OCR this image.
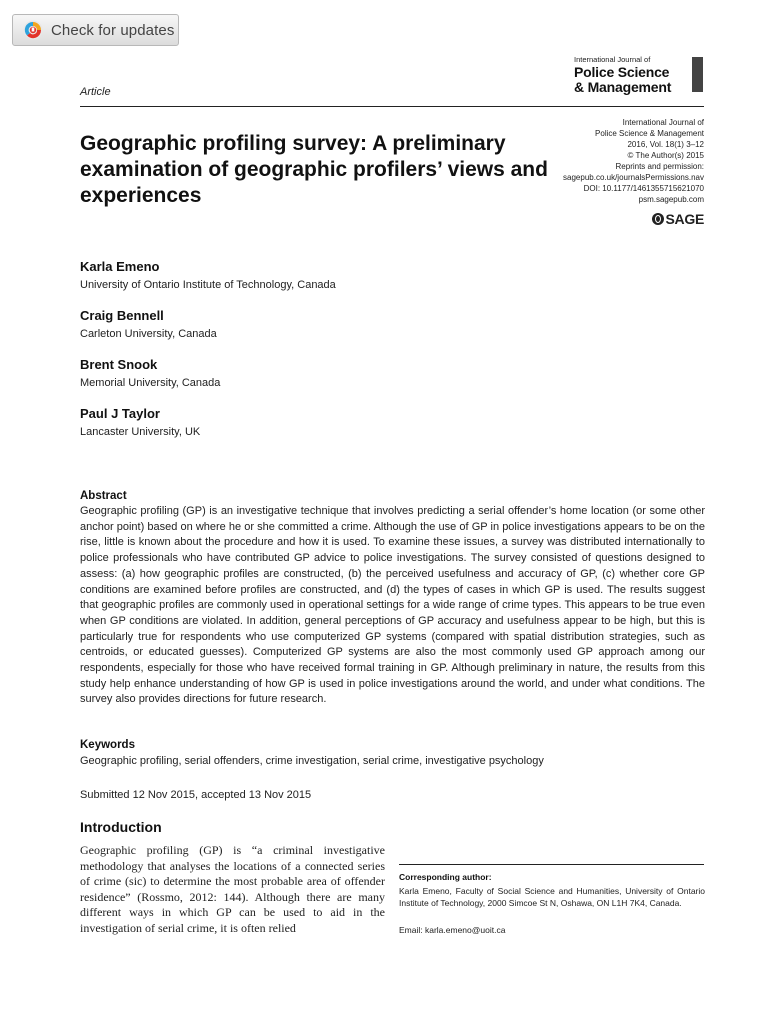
Check for updates
International Journal of
Police Science
& Management
Article
Geographic profiling survey: A preliminary examination of geographic profilers’ views and experiences
International Journal of
Police Science & Management
2016, Vol. 18(1) 3–12
© The Author(s) 2015
Reprints and permission:
sagepub.co.uk/journalsPermissions.nav
DOI: 10.1177/1461355715621070
psm.sagepub.com
SAGE
Karla Emeno
University of Ontario Institute of Technology, Canada
Craig Bennell
Carleton University, Canada
Brent Snook
Memorial University, Canada
Paul J Taylor
Lancaster University, UK
Abstract

Geographic profiling (GP) is an investigative technique that involves predicting a serial offender’s home location (or some other anchor point) based on where he or she committed a crime. Although the use of GP in police investigations appears to be on the rise, little is known about the procedure and how it is used. To examine these issues, a survey was distributed internationally to police professionals who have contributed GP advice to police investigations. The survey consisted of questions designed to assess: (a) how geographic profiles are constructed, (b) the perceived usefulness and accuracy of GP, (c) whether core GP conditions are examined before profiles are constructed, and (d) the types of cases in which GP is used. The results suggest that geographic profiles are commonly used in operational settings for a wide range of crime types. This appears to be true even when GP conditions are violated. In addition, general perceptions of GP accuracy and usefulness appear to be high, but this is particularly true for respondents who use computerized GP systems (compared with spatial distribution strategies, such as centroids, or educated guesses). Computerized GP systems are also the most commonly used GP approach among our respondents, especially for those who have received formal training in GP. Although preliminary in nature, the results from this study help enhance understanding of how GP is used in police investigations around the world, and under what conditions. The survey also provides directions for future research.

Keywords
Geographic profiling, serial offenders, crime investigation, serial crime, investigative psychology
Submitted 12 Nov 2015, accepted 13 Nov 2015
Introduction

Geographic profiling (GP) is “a criminal investigative methodology that analyses the locations of a connected series of crime (sic) to determine the most probable area of offender residence” (Rossmo, 2012: 144). Although there are many different ways in which GP can be used to aid in the investigation of serial crime, it is often relied

Corresponding author:

Karla Emeno, Faculty of Social Science and Humanities, University of Ontario Institute of Technology, 2000 Simcoe St N, Oshawa, ON L1H 7K4, Canada.

Email: karla.emeno@uoit.ca
